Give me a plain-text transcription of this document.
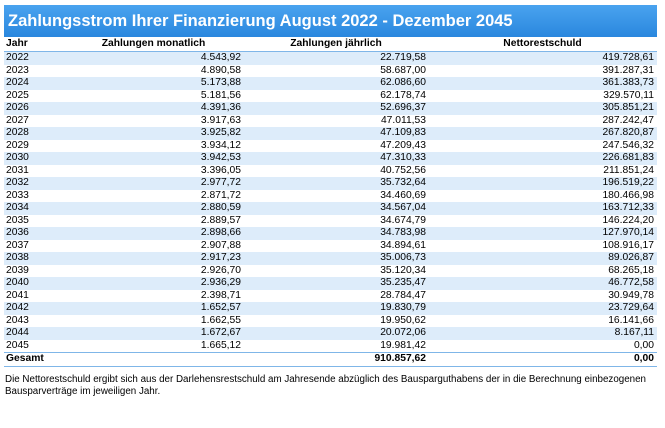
Zahlungsstrom Ihrer Finanzierung August 2022 - Dezember 2045
Jahr	Zahlungen monatlich	Zahlungen jährlich	Nettorestschuld
2022	4.543,92	22.719,58	419.728,61
2023	4.890,58	58.687,00	391.287,31
2024	5.173,88	62.086,60	361.383,73
2025	5.181,56	62.178,74	329.570,11
2026	4.391,36	52.696,37	305.851,21
2027	3.917,63	47.011,53	287.242,47
2028	3.925,82	47.109,83	267.820,87
2029	3.934,12	47.209,43	247.546,32
2030	3.942,53	47.310,33	226.681,83
2031	3.396,05	40.752,56	211.851,24
2032	2.977,72	35.732,64	196.519,22
2033	2.871,72	34.460,69	180.466,98
2034	2.880,59	34.567,04	163.712,33
2035	2.889,57	34.674,79	146.224,20
2036	2.898,66	34.783,98	127.970,14
2037	2.907,88	34.894,61	108.916,17
2038	2.917,23	35.006,73	89.026,87
2039	2.926,70	35.120,34	68.265,18
2040	2.936,29	35.235,47	46.772,58
2041	2.398,71	28.784,47	30.949,78
2042	1.652,57	19.830,79	23.729,64
2043	1.662,55	19.950,62	16.141,66
2044	1.672,67	20.072,06	8.167,11
2045	1.665,12	19.981,42	0,00
Gesamt		910.857,62	0,00
Die Nettorestschuld ergibt sich aus der Darlehensrestschuld am Jahresende abzüglich des Bausparguthabens der in die Berechnung einbezogenen Bausparverträge im jeweiligen Jahr.
